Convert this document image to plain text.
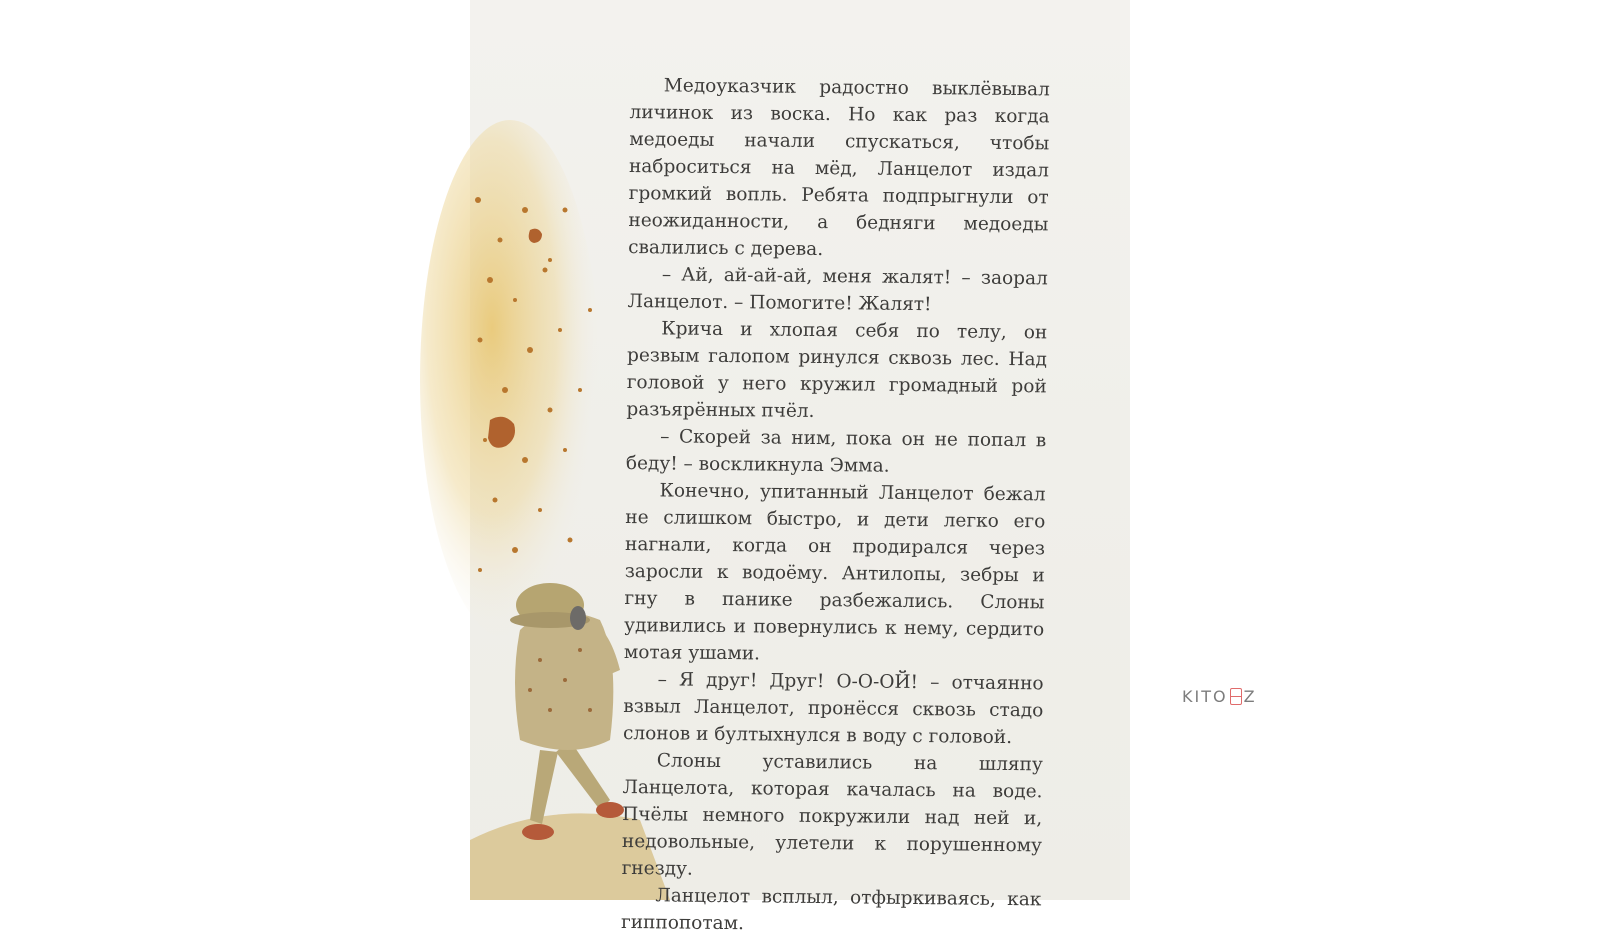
Медоуказчик радостно выклёвывал личинок из воска. Но как раз когда медоеды начали спускаться, чтобы наброситься на мёд, Ланцелот издал громкий вопль. Ребята подпрыгнули от неожиданности, а бедняги медоеды свалились с дерева.

– Ай, ай-ай-ай, меня жалят! – заорал Ланцелот. – Помогите! Жалят!

Крича и хлопая себя по телу, он резвым галопом ринулся сквозь лес. Над головой у него кружил громадный рой разъярённых пчёл.

– Скорей за ним, пока он не попал в беду! – воскликнула Эмма.

Конечно, упитанный Ланцелот бежал не слишком быстро, и дети легко его нагнали, когда он продирался через заросли к водоёму. Антилопы, зебры и гну в панике разбежались. Слоны удивились и повернулись к нему, сердито мотая ушами.

– Я друг! Друг! О-О-ОЙ! – отчаянно взвыл Ланцелот, пронёсся сквозь стадо слонов и бултыхнулся в воду с головой.

Слоны уставились на шляпу Ланцелота, которая качалась на воде. Пчёлы немного покружили над ней и, недовольные, улетели к порушенному гнезду.

Ланцелот всплыл, отфыркиваясь, как гиппопотам.

KITO Z
